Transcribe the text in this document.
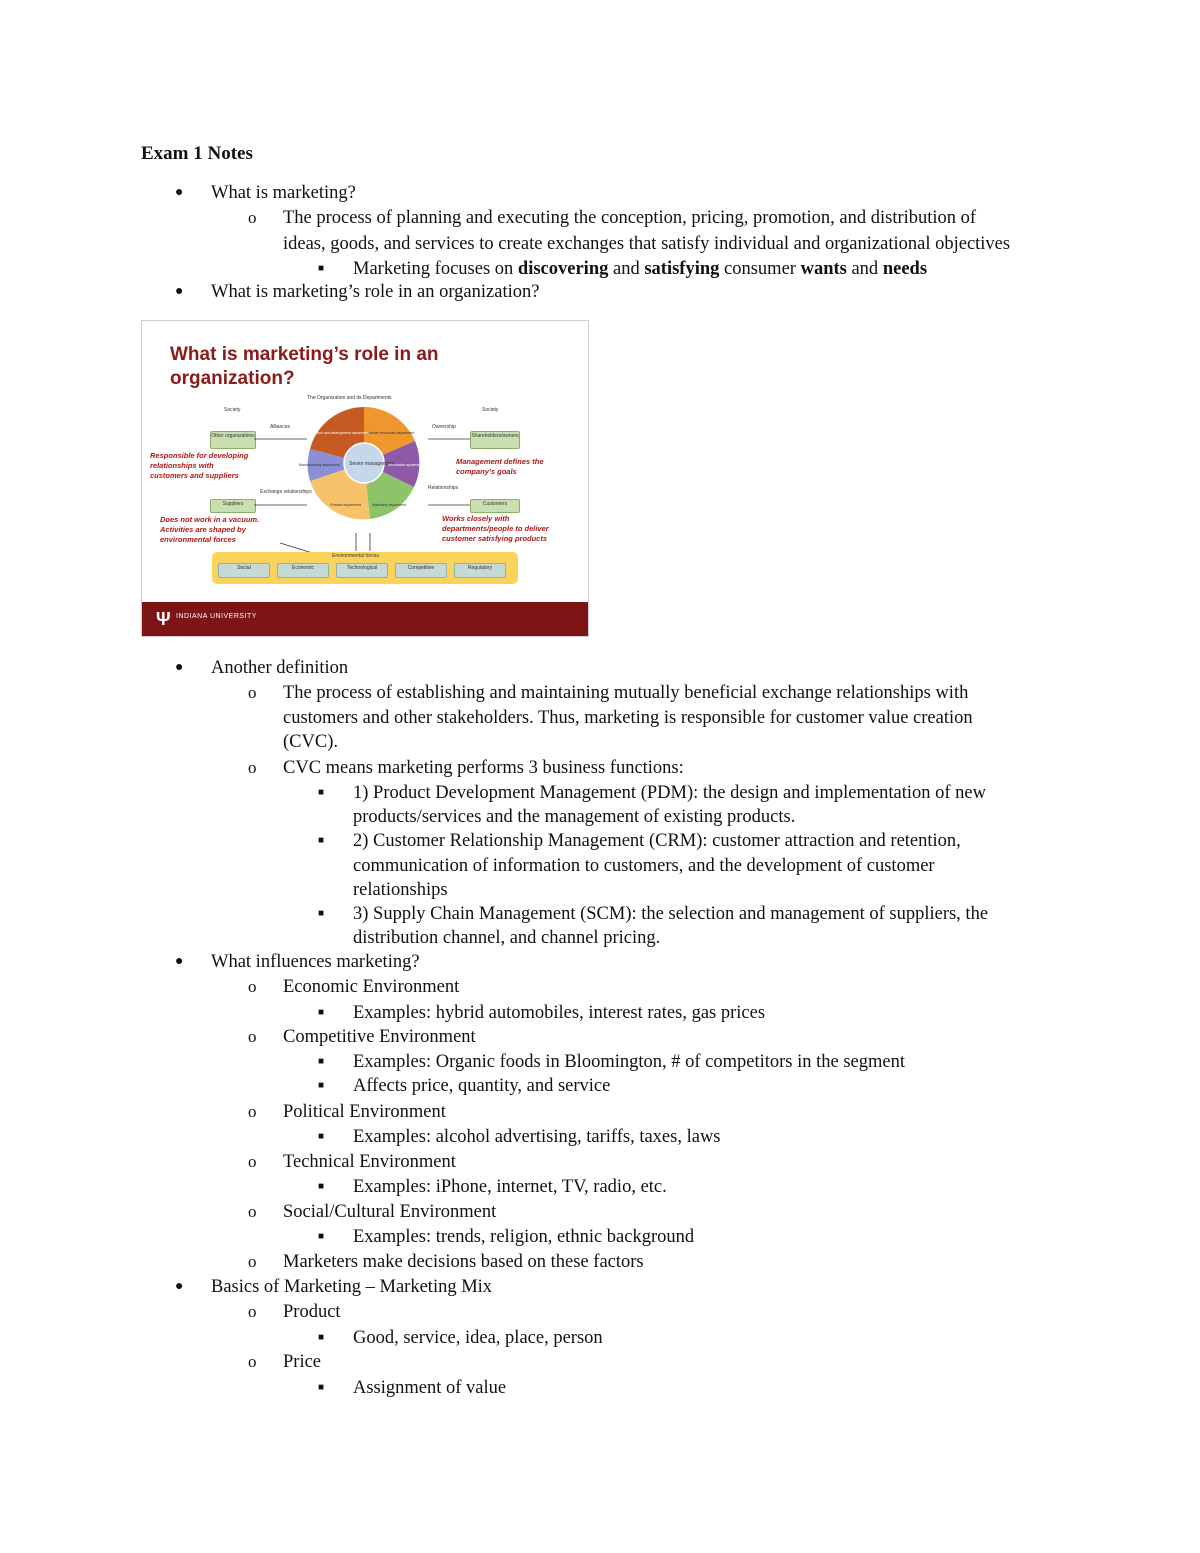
Exam 1 Notes
●
●
●
●
●
o
o
o
o
o
o
o
o
o
o
o
■
■
■
■
■
■
■
■
■
■
■
■
What is marketing?
The process of planning and executing the conception, pricing, promotion, and distribution of
ideas, goods, and services to create exchanges that satisfy individual and organizational objectives
Marketing focuses on discovering and satisfying consumer wants and needs
What is marketing’s role in an organization?
What is marketing’s role in an organization?
The Organization and its Departments
Society	Society
Alliances	Ownership
Exchange relationships
Relationships
Other organizations	Shareholders/owners
Suppliers	Customers
Senior management
Research and development department
Human resources department
Information systems department
Marketing department
Finance department
Manufacturing department
Environmental forces
Social	Economic	Technological	Competitive	Regulatory
Responsible for developing
relationships with
customers and suppliers
Management defines the
company’s goals
Does not work in a vacuum.
Activities are shaped by
environmental forces
Works closely with
departments/people to deliver
customer satisfying products
Ψ INDIANA UNIVERSITY
Another definition
The process of establishing and maintaining mutually beneficial exchange relationships with
customers and other stakeholders. Thus, marketing is responsible for customer value creation
(CVC).
CVC means marketing performs 3 business functions:
1) Product Development Management (PDM): the design and implementation of new
products/services and the management of existing products.
2) Customer Relationship Management (CRM): customer attraction and retention,
communication of information to customers, and the development of customer
relationships
3) Supply Chain Management (SCM): the selection and management of suppliers, the
distribution channel, and channel pricing.
What influences marketing?
Economic Environment
Examples: hybrid automobiles, interest rates, gas prices
Competitive Environment
Examples: Organic foods in Bloomington, # of competitors in the segment
Affects price, quantity, and service
Political Environment
Examples: alcohol advertising, tariffs, taxes, laws
Technical Environment
Examples: iPhone, internet, TV, radio, etc.
Social/Cultural Environment
Examples: trends, religion, ethnic background
Marketers make decisions based on these factors
Basics of Marketing – Marketing Mix
Product
Good, service, idea, place, person
Price
Assignment of value
